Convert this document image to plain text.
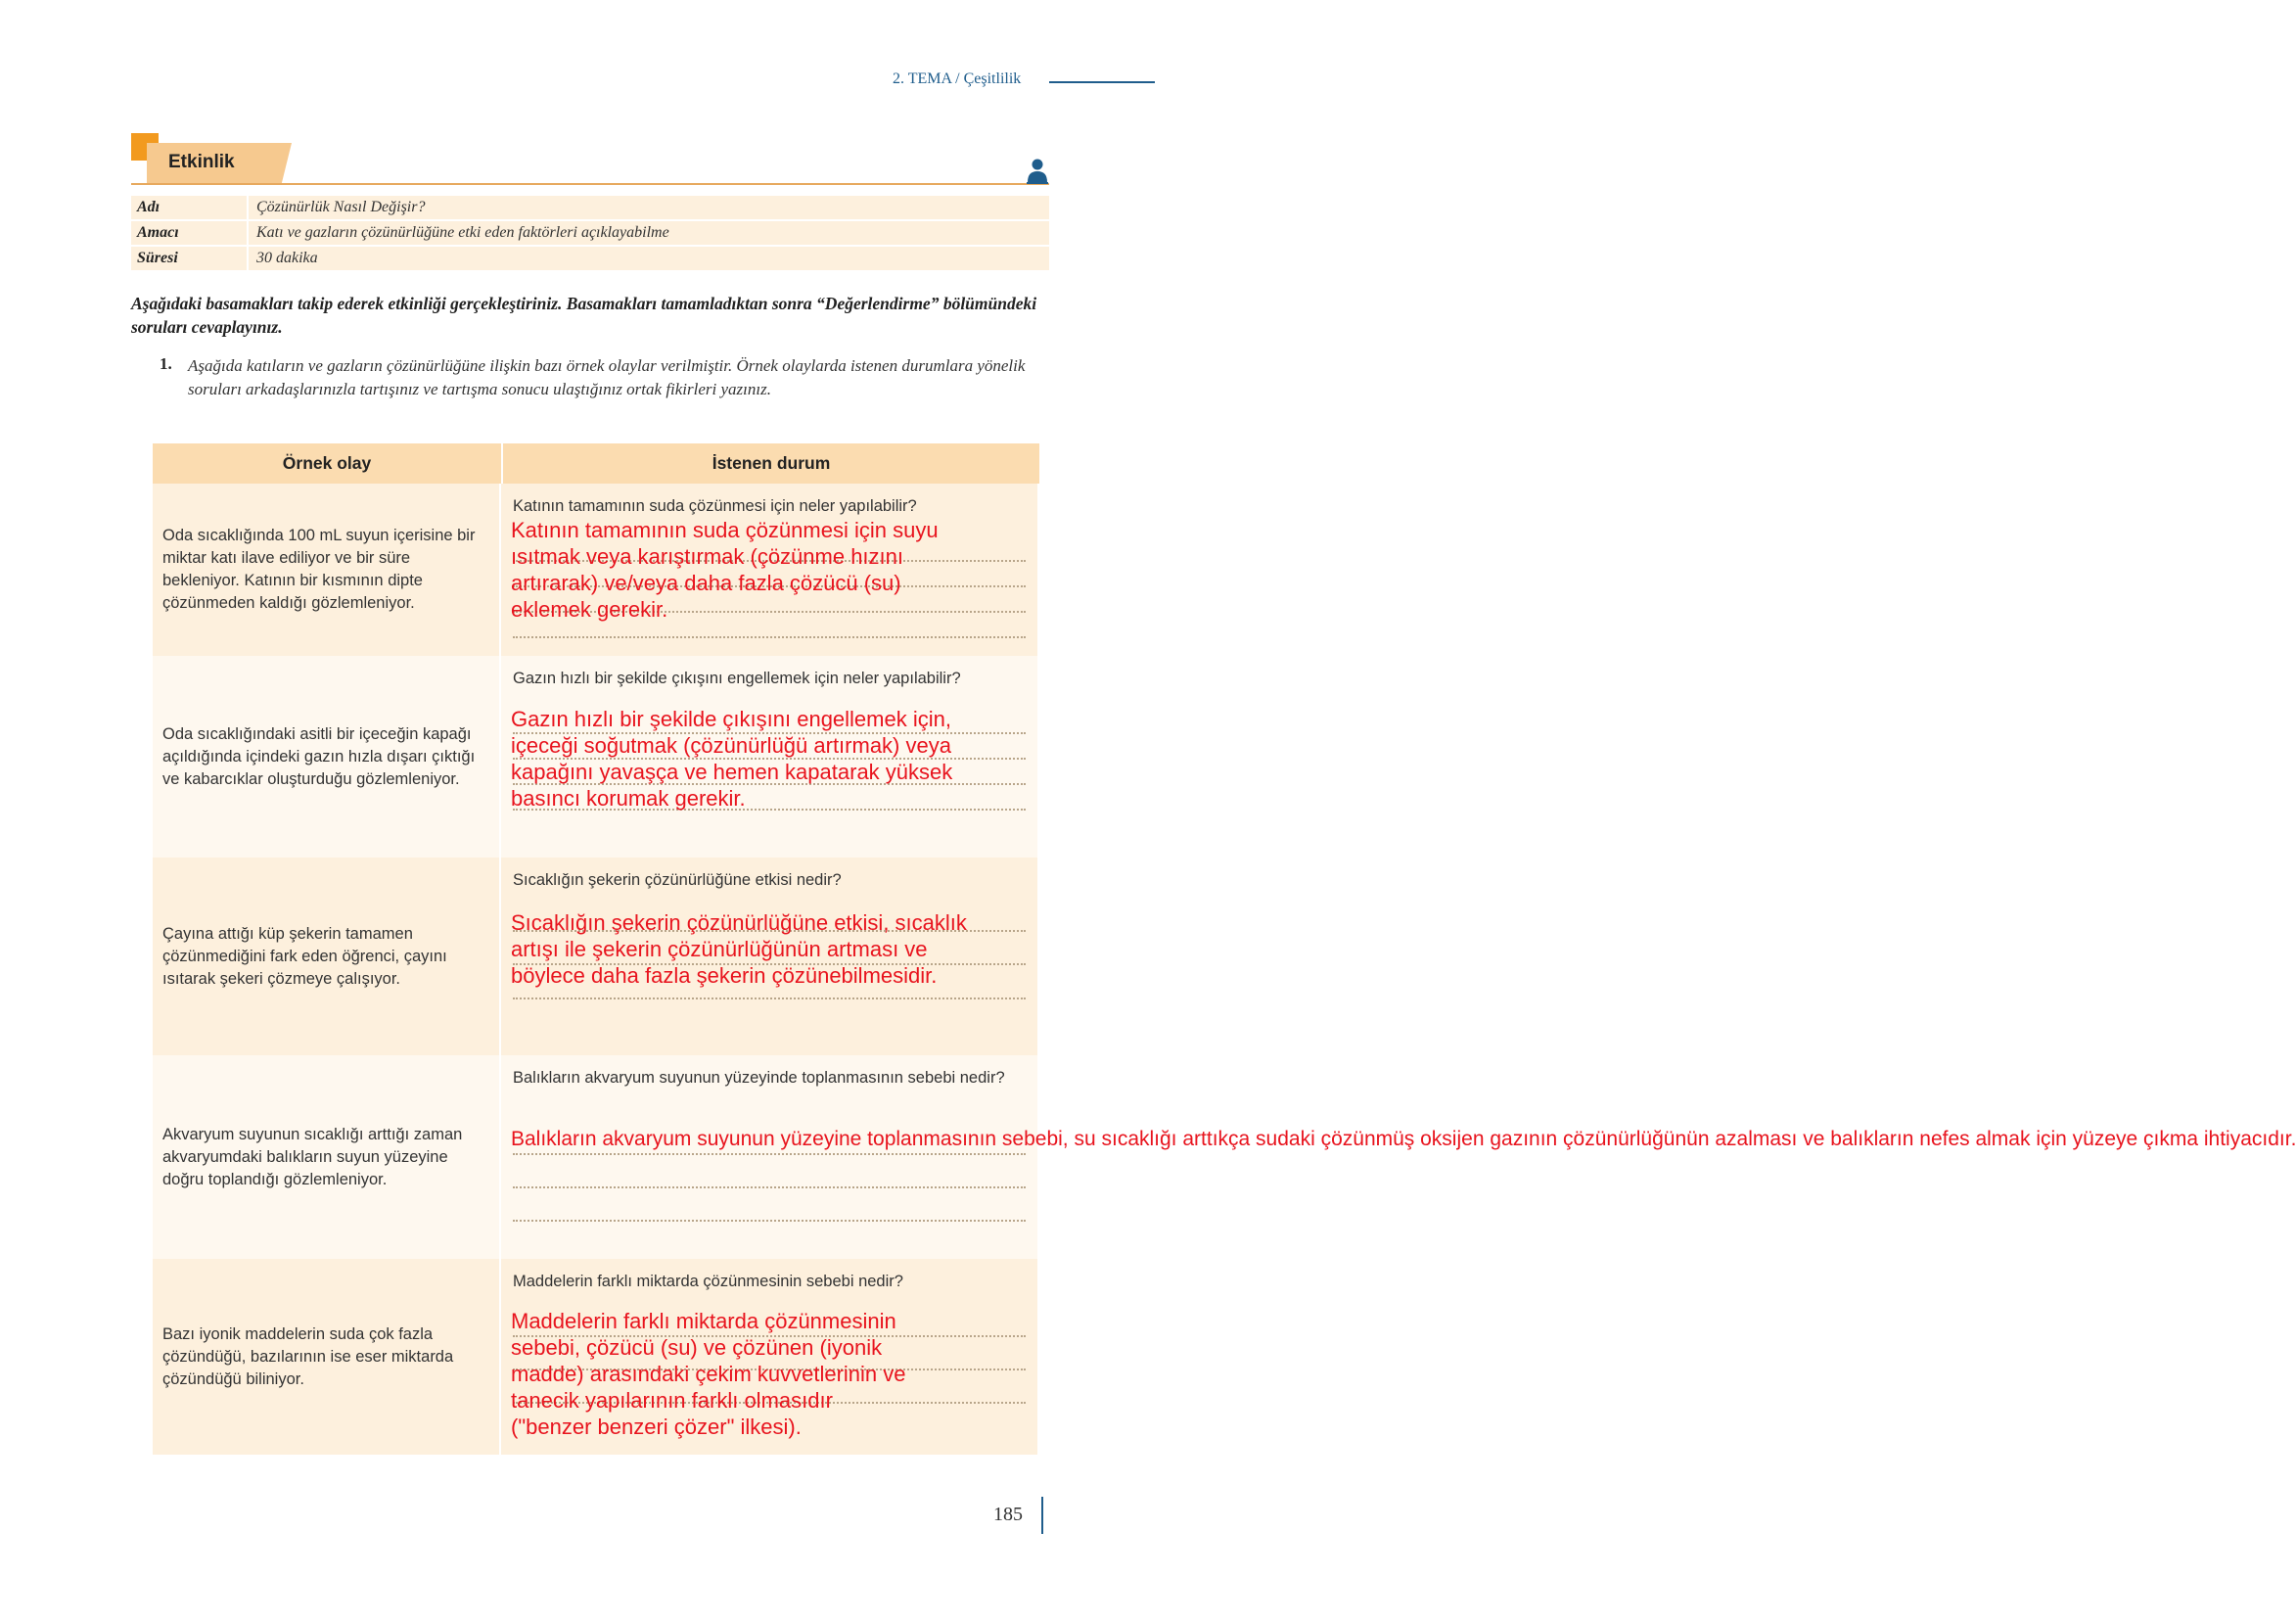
2. TEMA / Çeşitlilik
Etkinlik
Adı	Çözünürlük Nasıl Değişir?
Amacı	Katı ve gazların çözünürlüğüne etki eden faktörleri açıklayabilme
Süresi	30 dakika
Aşağıdaki basamakları takip ederek etkinliği gerçekleştiriniz. Basamakları tamamladıktan sonra “Değerlendirme” bölümündeki soruları cevaplayınız.
1. Aşağıda katıların ve gazların çözünürlüğüne ilişkin bazı örnek olaylar verilmiştir. Örnek olaylarda istenen durumlara yönelik soruları arkadaşlarınızla tartışınız ve tartışma sonucu ulaştığınız ortak fikirleri yazınız.
Örnek olay	İstenen durum
Oda sıcaklığında 100 mL suyun içerisine bir miktar katı ilave ediliyor ve bir süre bekleniyor. Katının bir kısmının dipte çözünmeden kaldığı gözlemleniyor.
Katının tamamının suda çözünmesi için neler yapılabilir?
Katının tamamının suda çözünmesi için suyu
ısıtmak veya karıştırmak (çözünme hızını
artırarak) ve/veya daha fazla çözücü (su)
eklemek gerekir.
Oda sıcaklığındaki asitli bir içeceğin kapağı açıldığında içindeki gazın hızla dışarı çıktığı ve kabarcıklar oluşturduğu gözlemleniyor.
Gazın hızlı bir şekilde çıkışını engellemek için neler yapılabilir?
Gazın hızlı bir şekilde çıkışını engellemek için,
içeceği soğutmak (çözünürlüğü artırmak) veya
kapağını yavaşça ve hemen kapatarak yüksek
basıncı korumak gerekir.
Çayına attığı küp şekerin tamamen çözünmediğini fark eden öğrenci, çayını ısıtarak şekeri çözmeye çalışıyor.
Sıcaklığın şekerin çözünürlüğüne etkisi nedir?
Sıcaklığın şekerin çözünürlüğüne etkisi, sıcaklık
artışı ile şekerin çözünürlüğünün artması ve
böylece daha fazla şekerin çözünebilmesidir.
Akvaryum suyunun sıcaklığı arttığı zaman akvaryumdaki balıkların suyun yüzeyine doğru toplandığı gözlemleniyor.
Balıkların akvaryum suyunun yüzeyinde toplanmasının sebebi nedir?
Balıkların akvaryum suyunun yüzeyine toplanmasının sebebi, su sıcaklığı arttıkça sudaki çözünmüş oksijen gazının çözünürlüğünün azalması ve balıkların nefes almak için yüzeye çıkma ihtiyacıdır.
Bazı iyonik maddelerin suda çok fazla çözündüğü, bazılarının ise eser miktarda çözündüğü biliniyor.
Maddelerin farklı miktarda çözünmesinin sebebi nedir?
Maddelerin farklı miktarda çözünmesinin
sebebi, çözücü (su) ve çözünen (iyonik
madde) arasındaki çekim kuvvetlerinin ve
tanecik yapılarının farklı olmasıdır
("benzer benzeri çözer" ilkesi).
185
